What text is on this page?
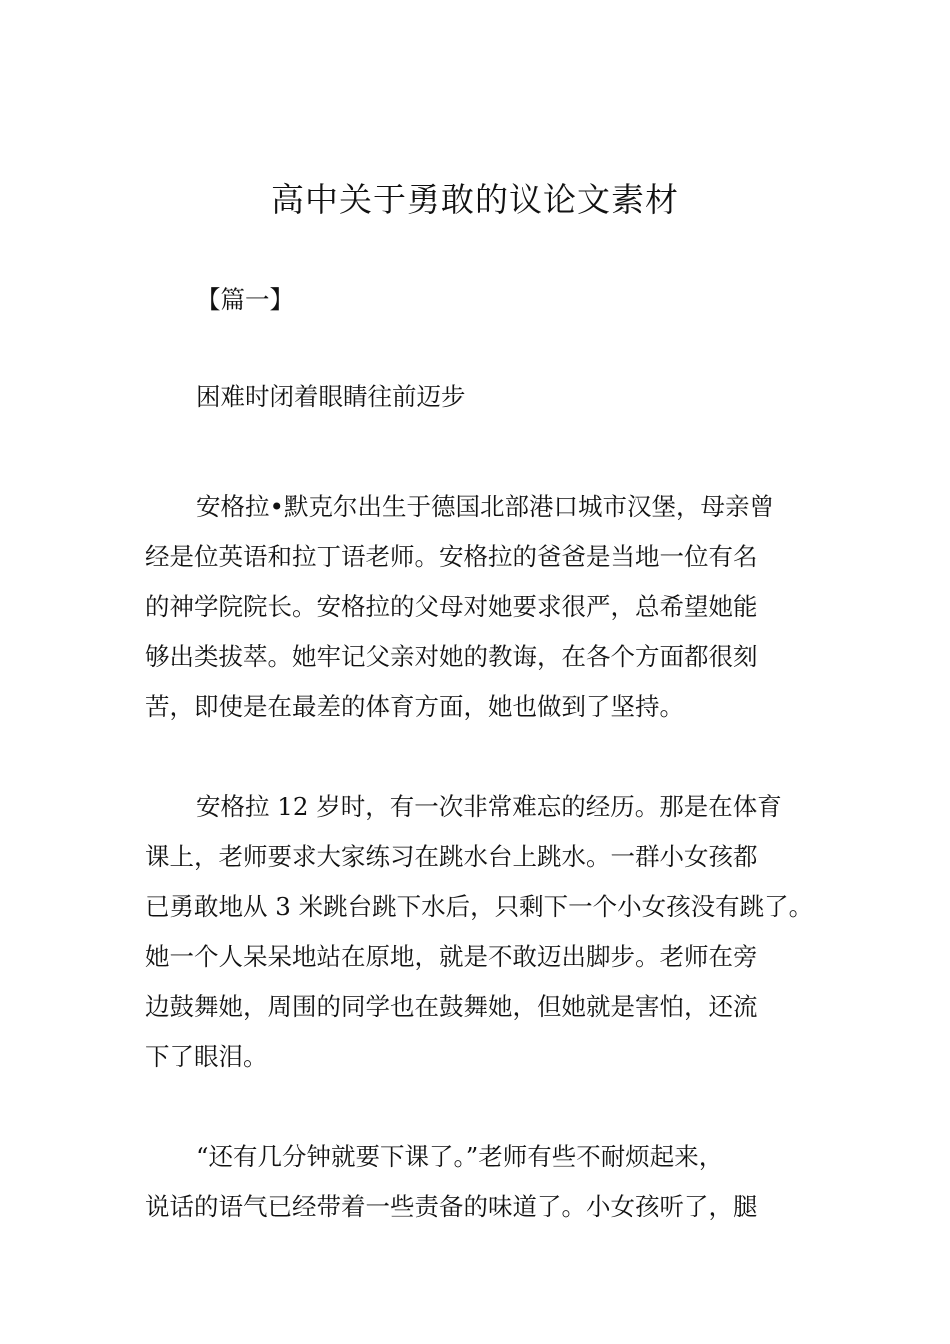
高中关于勇敢的议论文素材
【篇一】
困难时闭着眼睛往前迈步
安格拉•默克尔出生于德国北部港口城市汉堡，母亲曾
经是位英语和拉丁语老师。安格拉的爸爸是当地一位有名
的神学院院长。安格拉的父母对她要求很严，总希望她能
够出类拔萃。她牢记父亲对她的教诲，在各个方面都很刻
苦，即使是在最差的体育方面，她也做到了坚持。
安格拉 12 岁时，有一次非常难忘的经历。那是在体育
课上，老师要求大家练习在跳水台上跳水。一群小女孩都
已勇敢地从 3 米跳台跳下水后，只剩下一个小女孩没有跳了。
她一个人呆呆地站在原地，就是不敢迈出脚步。老师在旁
边鼓舞她，周围的同学也在鼓舞她，但她就是害怕，还流
下了眼泪。
“还有几分钟就要下课了。”老师有些不耐烦起来，
说话的语气已经带着一些责备的味道了。小女孩听了，腿
